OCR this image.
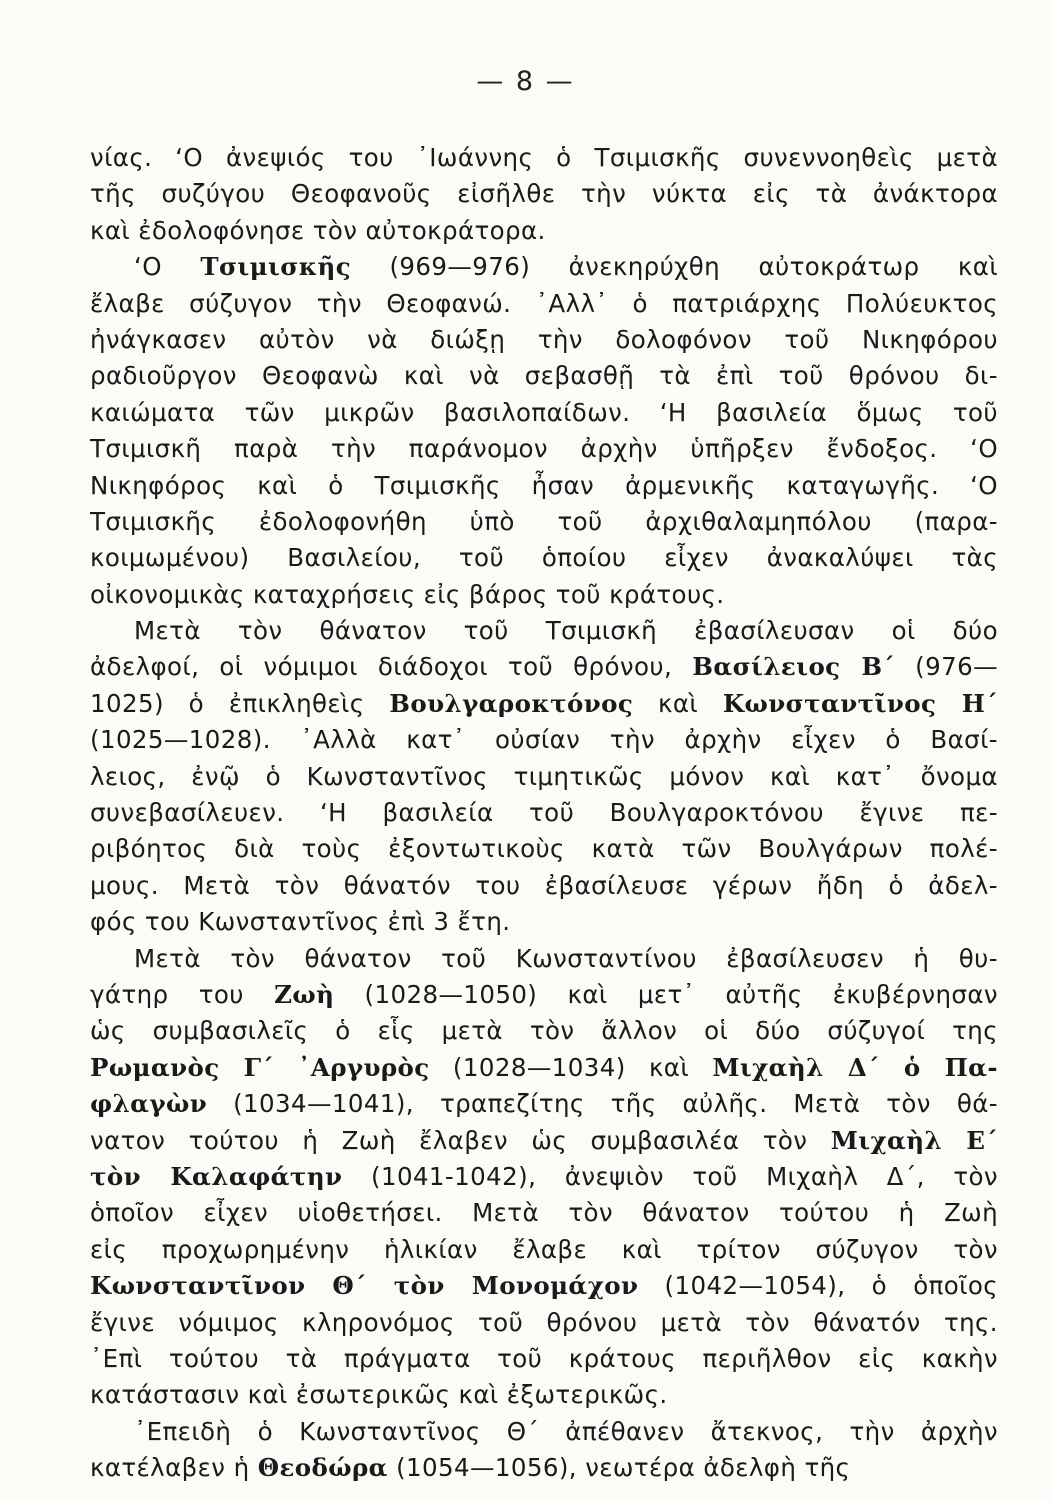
— 8 —
νίας. ‘Ο ἀνεψιός του ᾿Ιωάννης ὁ Τσιμισκῆς συνεννοηθεὶς μετὰ
τῆς συζύγου Θεοφανοῦς εἰσῆλθε τὴν νύκτα εἰς τὰ ἀνάκτορα
καὶ ἐδολοφόνησε τὸν αὐτοκράτορα.
‘Ο Τσιμισκῆς (969—976) ἀνεκηρύχθη αὐτοκράτωρ καὶ
ἔλαβε σύζυγον τὴν Θεοφανώ. ᾿Αλλ᾿ ὁ πατριάρχης Πολύευκτος
ἠνάγκασεν αὐτὸν νὰ διώξῃ τὴν δολοφόνον τοῦ Νικηφόρου
ραδιοῦργον Θεοφανὼ καὶ νὰ σεβασθῇ τὰ ἐπὶ τοῦ θρόνου δι-
καιώματα τῶν μικρῶν βασιλοπαίδων. ‘Η βασιλεία ὅμως τοῦ
Τσιμισκῆ παρὰ τὴν παράνομον ἀρχὴν ὑπῆρξεν ἔνδοξος. ‘Ο
Νικηφόρος καὶ ὁ Τσιμισκῆς ἦσαν ἀρμενικῆς καταγωγῆς. ‘Ο
Τσιμισκῆς ἐδολοφονήθη ὑπὸ τοῦ ἀρχιθαλαμηπόλου (παρα-
κοιμωμένου) Βασιλείου, τοῦ ὁποίου εἶχεν ἀνακαλύψει τὰς
οἰκονομικὰς καταχρήσεις εἰς βάρος τοῦ κράτους.
Μετὰ τὸν θάνατον τοῦ Τσιμισκῆ ἐβασίλευσαν οἱ δύο
ἀδελφοί, οἱ νόμιμοι διάδοχοι τοῦ θρόνου, Βασίλειος Β΄ (976—
1025) ὁ ἐπικληθεὶς Βουλγαροκτόνος καὶ Κωνσταντῖνος Η΄
(1025—1028). ᾿Αλλὰ κατ᾿ οὐσίαν τὴν ἀρχὴν εἶχεν ὁ Βασί-
λειος, ἐνῷ ὁ Κωνσταντῖνος τιμητικῶς μόνον καὶ κατ᾿ ὄνομα
συνεβασίλευεν. ‘Η βασιλεία τοῦ Βουλγαροκτόνου ἔγινε πε-
ριβόητος διὰ τοὺς ἐξοντωτικοὺς κατὰ τῶν Βουλγάρων πολέ-
μους. Μετὰ τὸν θάνατόν του ἐβασίλευσε γέρων ἤδη ὁ ἀδελ-
φός του Κωνσταντῖνος ἐπὶ 3 ἔτη.
Μετὰ τὸν θάνατον τοῦ Κωνσταντίνου ἐβασίλευσεν ἡ θυ-
γάτηρ του Ζωὴ (1028—1050) καὶ μετ᾿ αὐτῆς ἐκυβέρνησαν
ὡς συμβασιλεῖς ὁ εἷς μετὰ τὸν ἄλλον οἱ δύο σύζυγοί της
Ρωμανὸς Γ΄ ᾿Αργυρὸς (1028—1034) καὶ Μιχαὴλ Δ΄ ὁ Πα-
φλαγὼν (1034—1041), τραπεζίτης τῆς αὐλῆς. Μετὰ τὸν θά-
νατον τούτου ἡ Ζωὴ ἔλαβεν ὡς συμβασιλέα τὸν Μιχαὴλ Ε΄
τὸν Καλαφάτην (1041-1042), ἀνεψιὸν τοῦ Μιχαὴλ Δ΄, τὸν
ὁποῖον εἶχεν υἱοθετήσει. Μετὰ τὸν θάνατον τούτου ἡ Ζωὴ
εἰς προχωρημένην ἡλικίαν ἔλαβε καὶ τρίτον σύζυγον τὸν
Κωνσταντῖνον Θ΄ τὸν Μονομάχον (1042—1054), ὁ ὁποῖος
ἔγινε νόμιμος κληρονόμος τοῦ θρόνου μετὰ τὸν θάνατόν της.
᾿Επὶ τούτου τὰ πράγματα τοῦ κράτους περιῆλθον εἰς κακὴν
κατάστασιν καὶ ἐσωτερικῶς καὶ ἐξωτερικῶς.
᾿Επειδὴ ὁ Κωνσταντῖνος Θ΄ ἀπέθανεν ἄτεκνος, τὴν ἀρχὴν
κατέλαβεν ἡ Θεοδώρα (1054—1056), νεωτέρα ἀδελφὴ τῆς
